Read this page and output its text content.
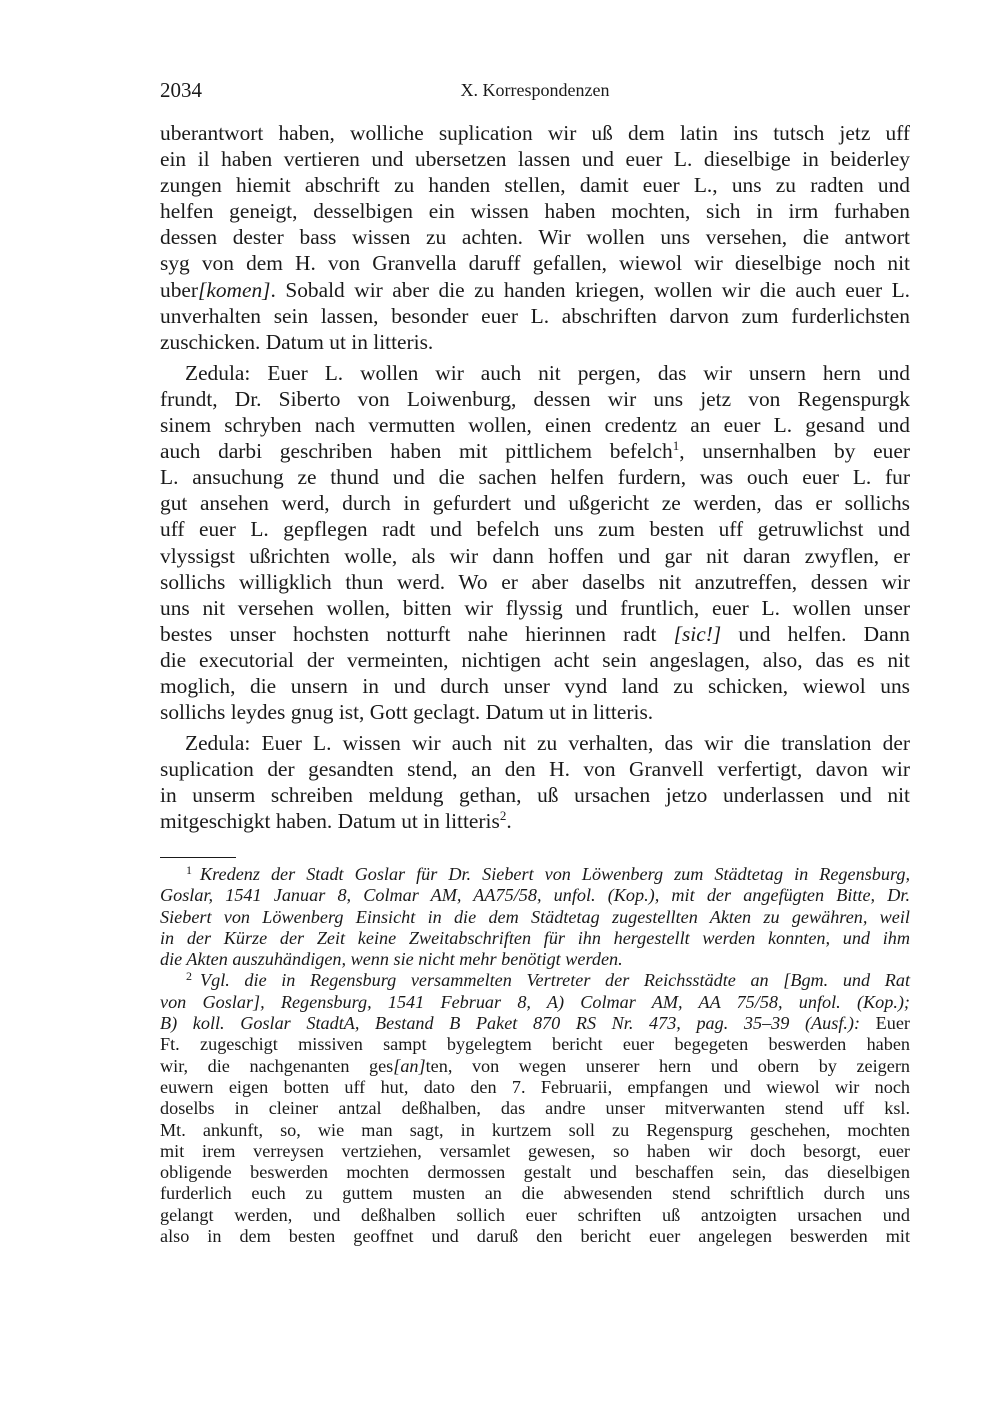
2034	X. Korrespondenzen
uberantwort haben, wolliche suplication wir uß dem latin ins tutsch jetz uff
ein il haben vertieren und ubersetzen lassen und euer L. dieselbige in beiderley
zungen hiemit abschrift zu handen stellen, damit euer L., uns zu radten und
helfen geneigt, desselbigen ein wissen haben mochten, sich in irm furhaben
dessen dester bass wissen zu achten. Wir wollen uns versehen, die antwort
syg von dem H. von Granvella daruff gefallen, wiewol wir dieselbige noch nit
uber[komen]. Sobald wir aber die zu handen kriegen, wollen wir die auch euer L.
unverhalten sein lassen, besonder euer L. abschriften darvon zum furderlichsten
zuschicken. Datum ut in litteris.
Zedula: Euer L. wollen wir auch nit pergen, das wir unsern hern und
frundt, Dr. Siberto von Loiwenburg, dessen wir uns jetz von Regenspurgk
sinem schryben nach vermutten wollen, einen credentz an euer L. gesand und
auch darbi geschriben haben mit pittlichem befelch$^1$, unsernhalben by euer
L. ansuchung ze thund und die sachen helfen furdern, was ouch euer L. fur
gut ansehen werd, durch in gefurdert und ußgericht ze werden, das er sollichs
uff euer L. gepflegen radt und befelch uns zum besten uff getruwlichst und
vlyssigst ußrichten wolle, als wir dann hoffen und gar nit daran zwyflen, er
sollichs willigklich thun werd. Wo er aber daselbs nit anzutreffen, dessen wir
uns nit versehen wollen, bitten wir flyssig und fruntlich, euer L. wollen unser
bestes unser hochsten notturft nahe hierinnen radt [sic!] und helfen. Dann
die executorial der vermeinten, nichtigen acht sein angeslagen, also, das es nit
moglich, die unsern in und durch unser vynd land zu schicken, wiewol uns
sollichs leydes gnug ist, Gott geclagt. Datum ut in litteris.
Zedula: Euer L. wissen wir auch nit zu verhalten, das wir die translation der
suplication der gesandten stend, an den H. von Granvell verfertigt, davon wir
in unserm schreiben meldung gethan, uß ursachen jetzo underlassen und nit
mitgeschigkt haben. Datum ut in litteris$^2$.
$^1$ Kredenz der Stadt Goslar für Dr. Siebert von Löwenberg zum Städtetag in Regensburg,
Goslar, 1541 Januar 8, Colmar AM, AA75/58, unfol. (Kop.), mit der angefügten Bitte, Dr.
Siebert von Löwenberg Einsicht in die dem Städtetag zugestellten Akten zu gewähren, weil
in der Kürze der Zeit keine Zweitabschriften für ihn hergestellt werden konnten, und ihm
die Akten auszuhändigen, wenn sie nicht mehr benötigt werden.
$^2$ Vgl. die in Regensburg versammelten Vertreter der Reichsstädte an [Bgm. und Rat
von Goslar], Regensburg, 1541 Februar 8, A) Colmar AM, AA 75/58, unfol. (Kop.);
B) koll. Goslar StadtA, Bestand B Paket 870 RS Nr. 473, pag. 35–39 (Ausf.): Euer
Ft. zugeschigt missiven sampt bygelegtem bericht euer begegeten beswerden haben
wir, die nachgenanten ges[an]ten, von wegen unserer hern und obern by zeigern
euwern eigen botten uff hut, dato den 7. Februarii, empfangen und wiewol wir noch
doselbs in cleiner antzal deßhalben, das andre unser mitverwanten stend uff ksl.
Mt. ankunft, so, wie man sagt, in kurtzem soll zu Regenspurg geschehen, mochten
mit irem verreysen vertziehen, versamlet gewesen, so haben wir doch besorgt, euer
obligende beswerden mochten dermossen gestalt und beschaffen sein, das dieselbigen
furderlich euch zu guttem musten an die abwesenden stend schriftlich durch uns
gelangt werden, und deßhalben sollich euer schriften uß antzoigten ursachen und
also in dem besten geoffnet und daruß den bericht euer angelegen beswerden mit
